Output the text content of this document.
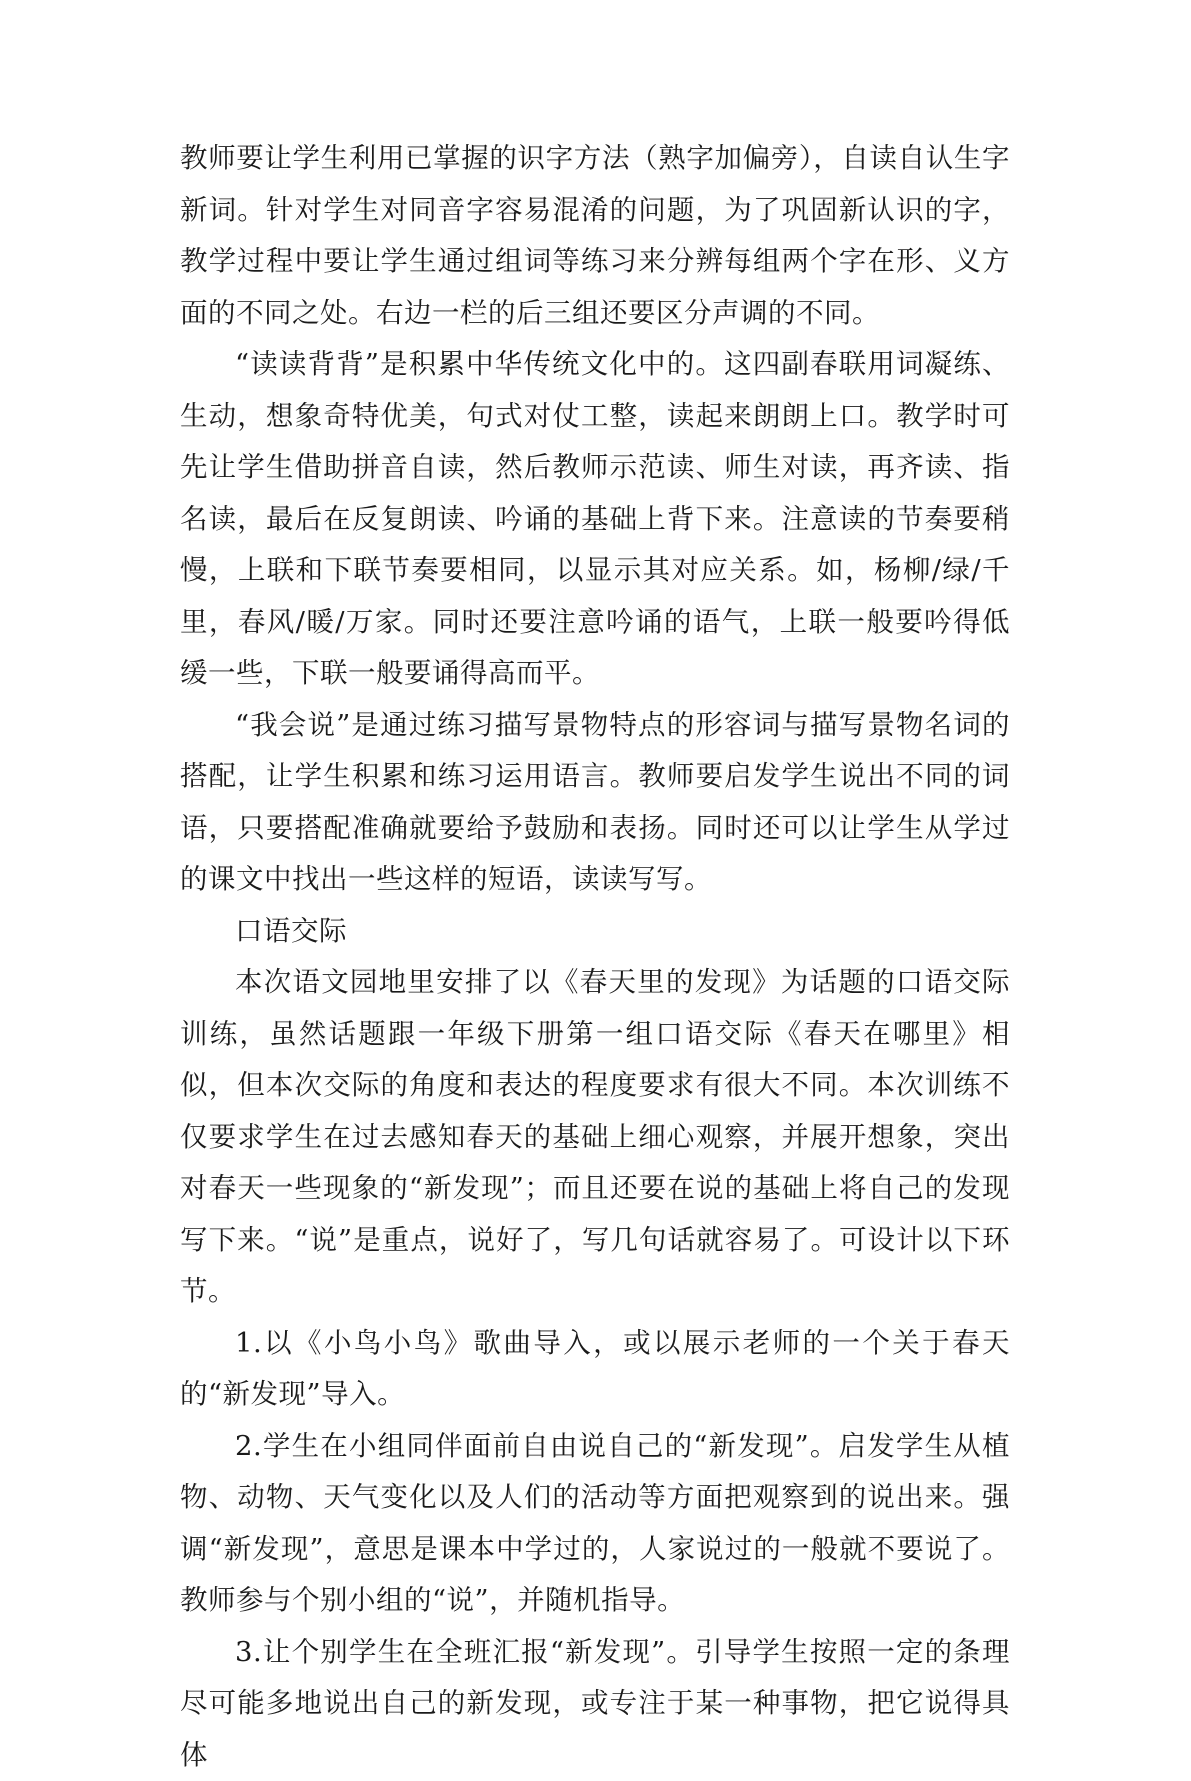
教师要让学生利用已掌握的识字方法（熟字加偏旁），自读自认生字新词。针对学生对同音字容易混淆的问题，为了巩固新认识的字，教学过程中要让学生通过组词等练习来分辨每组两个字在形、义方面的不同之处。右边一栏的后三组还要区分声调的不同。

“读读背背”是积累中华传统文化中的。这四副春联用词凝练、生动，想象奇特优美，句式对仗工整，读起来朗朗上口。教学时可先让学生借助拼音自读，然后教师示范读、师生对读，再齐读、指名读，最后在反复朗读、吟诵的基础上背下来。注意读的节奏要稍慢，上联和下联节奏要相同，以显示其对应关系。如，杨柳/绿/千里，春风/暖/万家。同时还要注意吟诵的语气，上联一般要吟得低缓一些，下联一般要诵得高而平。

“我会说”是通过练习描写景物特点的形容词与描写景物名词的搭配，让学生积累和练习运用语言。教师要启发学生说出不同的词语，只要搭配准确就要给予鼓励和表扬。同时还可以让学生从学过的课文中找出一些这样的短语，读读写写。

口语交际

本次语文园地里安排了以《春天里的发现》为话题的口语交际训练，虽然话题跟一年级下册第一组口语交际《春天在哪里》相似，但本次交际的角度和表达的程度要求有很大不同。本次训练不仅要求学生在过去感知春天的基础上细心观察，并展开想象，突出对春天一些现象的“新发现”；而且还要在说的基础上将自己的发现写下来。“说”是重点，说好了，写几句话就容易了。可设计以下环节。

1.以《小鸟小鸟》歌曲导入，或以展示老师的一个关于春天的“新发现”导入。

2.学生在小组同伴面前自由说自己的“新发现”。启发学生从植物、动物、天气变化以及人们的活动等方面把观察到的说出来。强调“新发现”，意思是课本中学过的，人家说过的一般就不要说了。教师参与个别小组的“说”，并随机指导。

3.让个别学生在全班汇报“新发现”。引导学生按照一定的条理尽可能多地说出自己的新发现，或专注于某一种事物，把它说得具体
